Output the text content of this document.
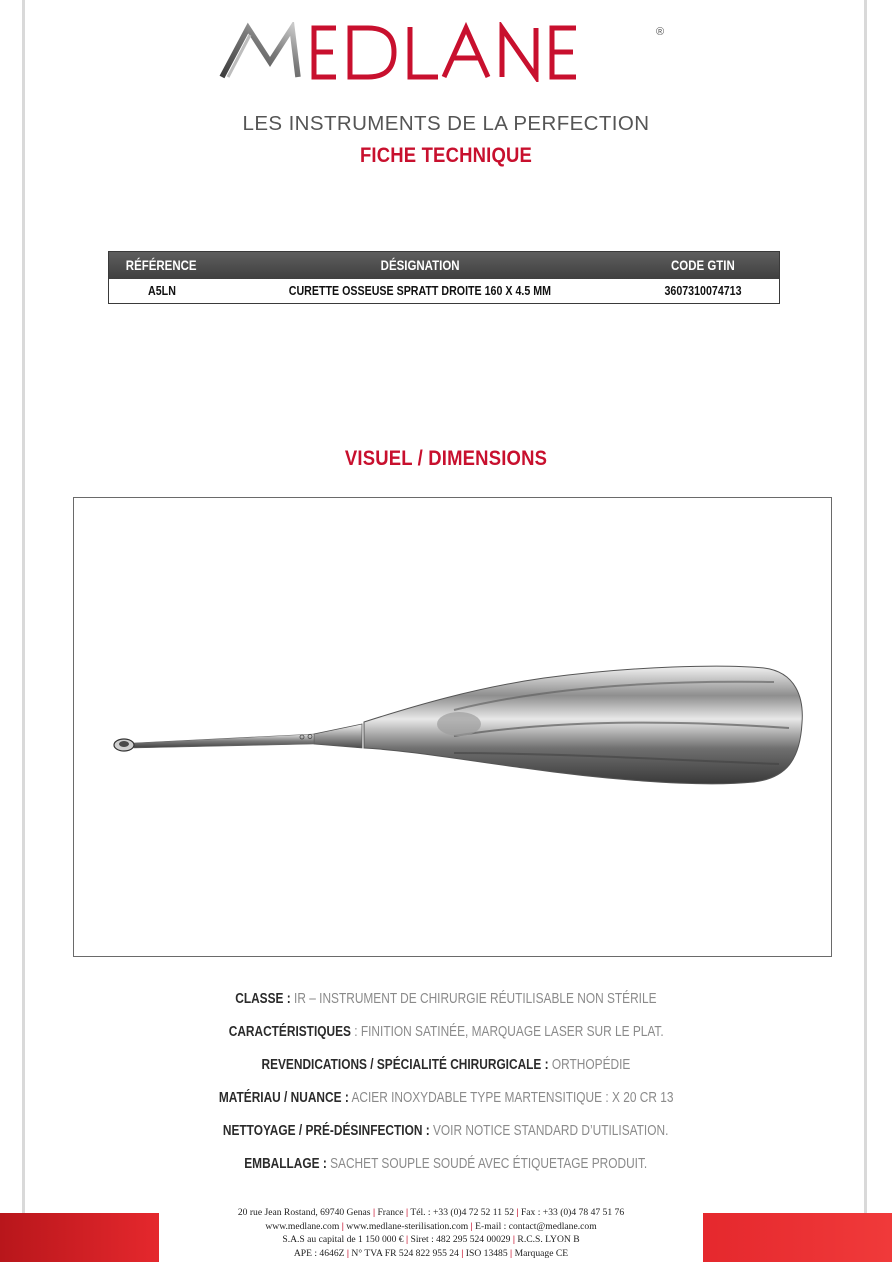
®
LES INSTRUMENTS DE LA PERFECTION
FICHE TECHNIQUE
RÉFÉRENCE	DÉSIGNATION	CODE GTIN
A5LN	CURETTE OSSEUSE SPRATT DROITE 160 X 4.5 MM	3607310074713
VISUEL / DIMENSIONS
CLASSE : IR – INSTRUMENT DE CHIRURGIE RÉUTILISABLE NON STÉRILE
CARACTÉRISTIQUES : FINITION SATINÉE, MARQUAGE LASER SUR LE PLAT.
REVENDICATIONS / SPÉCIALITÉ CHIRURGICALE : ORTHOPÉDIE
MATÉRIAU / NUANCE : ACIER INOXYDABLE TYPE MARTENSITIQUE : X 20 CR 13
NETTOYAGE / PRÉ-DÉSINFECTION : VOIR NOTICE STANDARD D’UTILISATION.
EMBALLAGE : SACHET SOUPLE SOUDÉ AVEC ÉTIQUETAGE PRODUIT.
20 rue Jean Rostand, 69740 Genas | France | Tél. : +33 (0)4 72 52 11 52 | Fax : +33 (0)4 78 47 51 76
www.medlane.com | www.medlane-sterilisation.com | E-mail : contact@medlane.com
S.A.S au capital de 1 150 000 € | Siret : 482 295 524 00029 | R.C.S. LYON B
APE : 4646Z | N° TVA FR 524 822 955 24 | ISO 13485 | Marquage CE
